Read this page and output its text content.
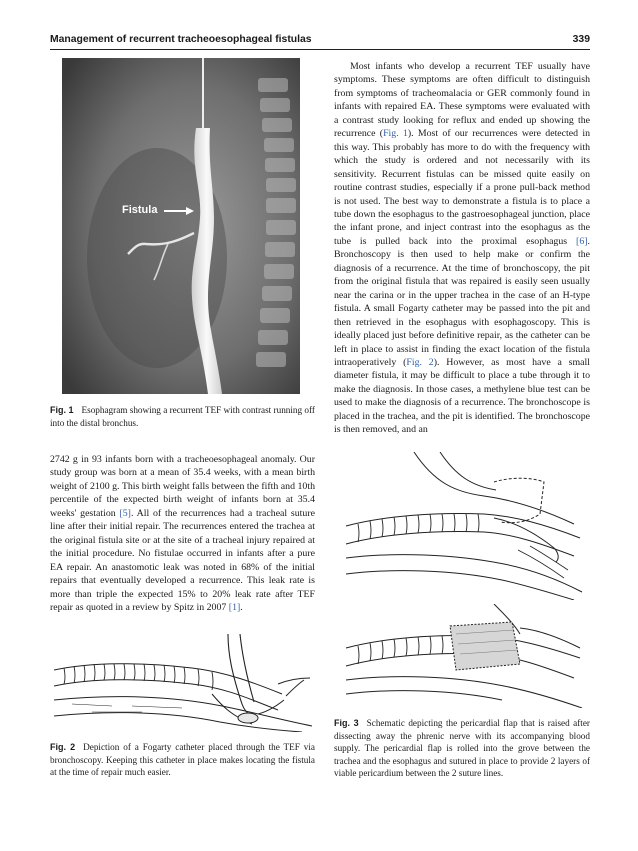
Management of recurrent tracheoesophageal fistulas	339
Fistula
Fig. 1 Esophagram showing a recurrent TEF with contrast running off into the distal bronchus.

2742 g in 93 infants born with a tracheoesophageal anomaly. Our study group was born at a mean of 35.4 weeks, with a mean birth weight of 2100 g. This birth weight falls between the fifth and 10th percentile of the expected birth weight of infants born at 35.4 weeks' gestation [5]. All of the recurrences had a tracheal suture line after their initial repair. The recurrences entered the trachea at the original fistula site or at the site of a tracheal injury repaired at the initial procedure. No fistulae occurred in infants after a pure EA repair. An anastomotic leak was noted in 68% of the initial repairs that eventually developed a recurrence. This leak rate is more than triple the expected 15% to 20% leak rate after TEF repair as quoted in a review by Spitz in 2007 [1].

Fig. 2 Depiction of a Fogarty catheter placed through the TEF via bronchoscopy. Keeping this catheter in place makes locating the fistula at the time of repair much easier.

Most infants who develop a recurrent TEF usually have symptoms. These symptoms are often difficult to distinguish from symptoms of tracheomalacia or GER commonly found in infants with repaired EA. These symptoms were evaluated with a contrast study looking for reflux and ended up showing the recurrence (Fig. 1). Most of our recurrences were detected in this way. This probably has more to do with the frequency with which the study is ordered and not necessarily with its sensitivity. Recurrent fistulas can be missed quite easily on routine contrast studies, especially if a prone pull-back method is not used. The best way to demonstrate a fistula is to place a tube down the esophagus to the gastroesophageal junction, place the infant prone, and inject contrast into the esophagus as the tube is pulled back into the proximal esophagus [6]. Bronchoscopy is then used to help make or confirm the diagnosis of a recurrence. At the time of bronchoscopy, the pit from the original fistula that was repaired is easily seen usually near the carina or in the upper trachea in the case of an H-type fistula. A small Fogarty catheter may be passed into the pit and then retrieved in the esophagus with esophagoscopy. This is ideally placed just before definitive repair, as the catheter can be left in place to assist in finding the exact location of the fistula intraoperatively (Fig. 2). However, as most have a small diameter fistula, it may be difficult to place a tube through it to make the diagnosis. In those cases, a methylene blue test can be used to make the diagnosis of a recurrence. The bronchoscope is placed in the trachea, and the pit is identified. The bronchoscope is then removed, and an

Fig. 3 Schematic depicting the pericardial flap that is raised after dissecting away the phrenic nerve with its accompanying blood supply. The pericardial flap is rolled into the grove between the trachea and the esophagus and sutured in place to provide 2 layers of viable pericardium between the 2 suture lines.
